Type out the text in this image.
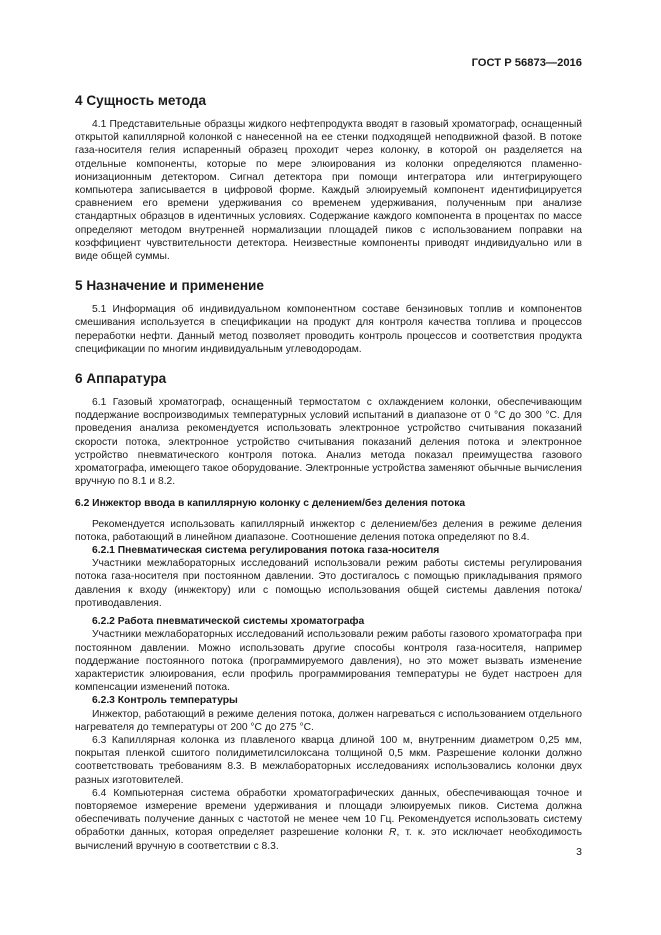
ГОСТ Р 56873—2016
4 Сущность метода

4.1 Представительные образцы жидкого нефтепродукта вводят в газовый хроматограф, оснащенный открытой капиллярной колонкой с нанесенной на ее стенки подходящей неподвижной фазой. В потоке газа-носителя гелия испаренный образец проходит через колонку, в которой он разделяется на отдельные компоненты, которые по мере элюирования из колонки определяются пламенно-ионизационным детектором. Сигнал детектора при помощи интегратора или интегрирующего компьютера записывается в цифровой форме. Каждый элюируемый компонент идентифицируется сравнением его времени удерживания со временем удерживания, полученным при анализе стандартных образцов в идентичных условиях. Содержание каждого компонента в процентах по массе определяют методом внутренней нормализации площадей пиков с использованием поправки на коэффициент чувствительности детектора. Неизвестные компоненты приводят индивидуально или в виде общей суммы.

5 Назначение и применение

5.1 Информация об индивидуальном компонентном составе бензиновых топлив и компонентов смешивания используется в спецификации на продукт для контроля качества топлива и процессов переработки нефти. Данный метод позволяет проводить контроль процессов и соответствия продукта спецификации по многим индивидуальным углеводородам.

6 Аппаратура

6.1 Газовый хроматограф, оснащенный термостатом с охлаждением колонки, обеспечивающим поддержание воспроизводимых температурных условий испытаний в диапазоне от 0 °С до 300 °С. Для проведения анализа рекомендуется использовать электронное устройство считывания показаний скорости потока, электронное устройство считывания показаний деления потока и электронное устройство пневматического контроля потока. Анализ метода показал преимущества газового хроматографа, имеющего такое оборудование. Электронные устройства заменяют обычные вычисления вручную по 8.1 и 8.2.

6.2 Инжектор ввода в капиллярную колонку с делением/без деления потока

Рекомендуется использовать капиллярный инжектор с делением/без деления в режиме деления потока, работающий в линейном диапазоне. Соотношение деления потока определяют по 8.4.

6.2.1 Пневматическая система регулирования потока газа-носителя

Участники межлабораторных исследований использовали режим работы системы регулирования потока газа-носителя при постоянном давлении. Это достигалось с помощью прикладывания прямого давления к входу (инжектору) или с помощью использования общей системы давления потока/противодавления.

6.2.2 Работа пневматической системы хроматографа

Участники межлабораторных исследований использовали режим работы газового хроматографа при постоянном давлении. Можно использовать другие способы контроля газа-носителя, например поддержание постоянного потока (программируемого давления), но это может вызвать изменение характеристик элюирования, если профиль программирования температуры не будет настроен для компенсации изменений потока.

6.2.3 Контроль температуры

Инжектор, работающий в режиме деления потока, должен нагреваться с использованием отдельного нагревателя до температуры от 200 °С до 275 °С.

6.3 Капиллярная колонка из плавленого кварца длиной 100 м, внутренним диаметром 0,25 мм, покрытая пленкой сшитого полидиметилсилоксана толщиной 0,5 мкм. Разрешение колонки должно соответствовать требованиям 8.3. В межлабораторных исследованиях использовались колонки двух разных изготовителей.

6.4 Компьютерная система обработки хроматографических данных, обеспечивающая точное и повторяемое измерение времени удерживания и площади элюируемых пиков. Система должна обеспечивать получение данных с частотой не менее чем 10 Гц. Рекомендуется использовать систему обработки данных, которая определяет разрешение колонки R, т. к. это исключает необходимость вычислений вручную в соответствии с 8.3.	3
